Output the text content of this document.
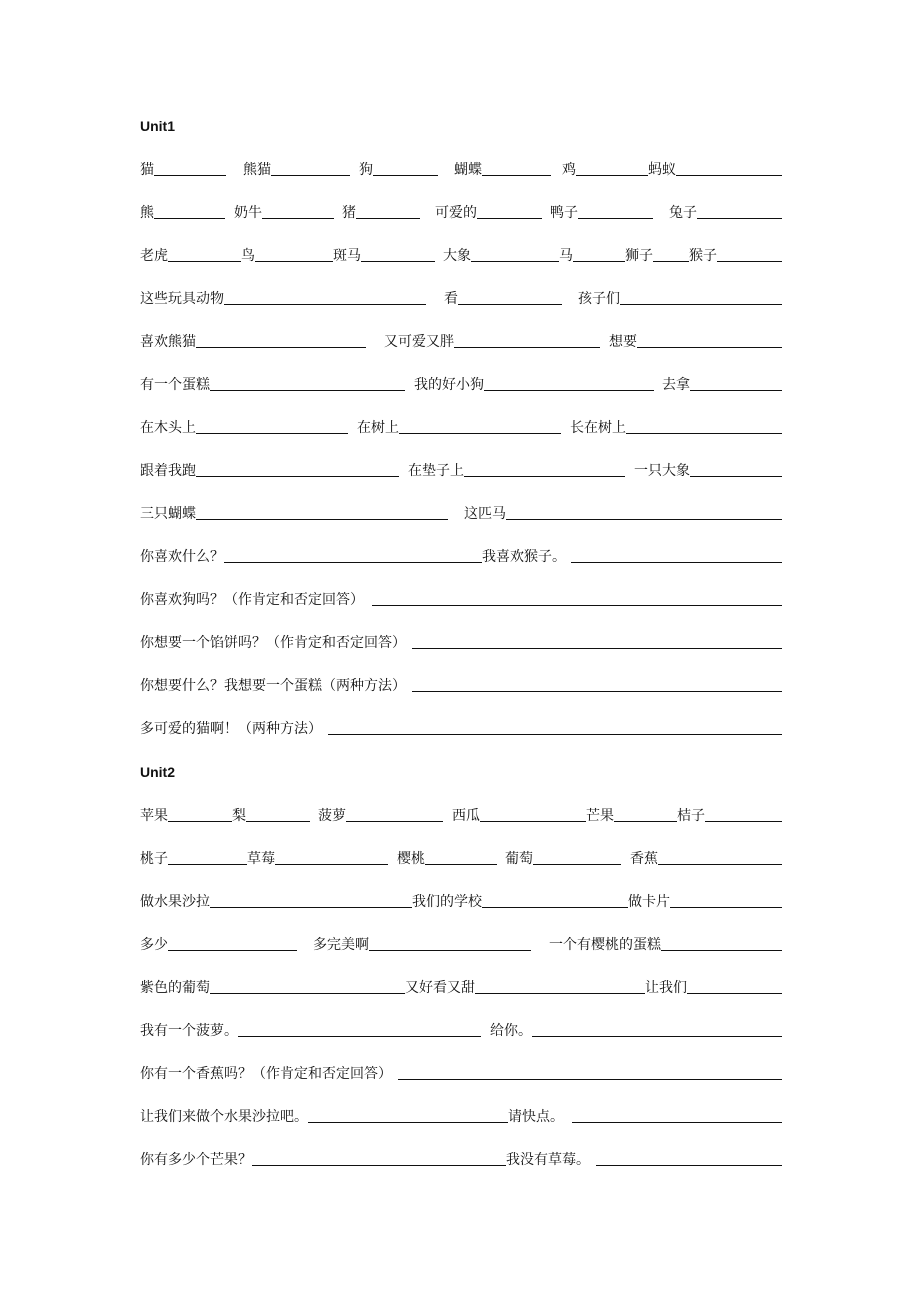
Unit1
猫	熊猫	狗	蝴蝶	鸡	蚂蚁
熊	奶牛	猪	可爱的	鸭子	兔子
老虎	鸟	斑马	大象	马	狮子	猴子
这些玩具动物	看	孩子们
喜欢熊猫	又可爱又胖	想要
有一个蛋糕	我的好小狗	去拿
在木头上	在树上	长在树上
跟着我跑	在垫子上	一只大象
三只蝴蝶	这匹马
你喜欢什么？	我喜欢猴子。
你喜欢狗吗？（作肯定和否定回答）
你想要一个馅饼吗？（作肯定和否定回答）
你想要什么？我想要一个蛋糕（两种方法）
多可爱的猫啊！（两种方法）
Unit2
苹果	梨	菠萝	西瓜	芒果	桔子
桃子	草莓	樱桃	葡萄	香蕉
做水果沙拉	我们的学校	做卡片
多少	多完美啊	一个有樱桃的蛋糕
紫色的葡萄	又好看又甜	让我们
我有一个菠萝。	给你。
你有一个香蕉吗？（作肯定和否定回答）
让我们来做个水果沙拉吧。	请快点。
你有多少个芒果？	我没有草莓。
